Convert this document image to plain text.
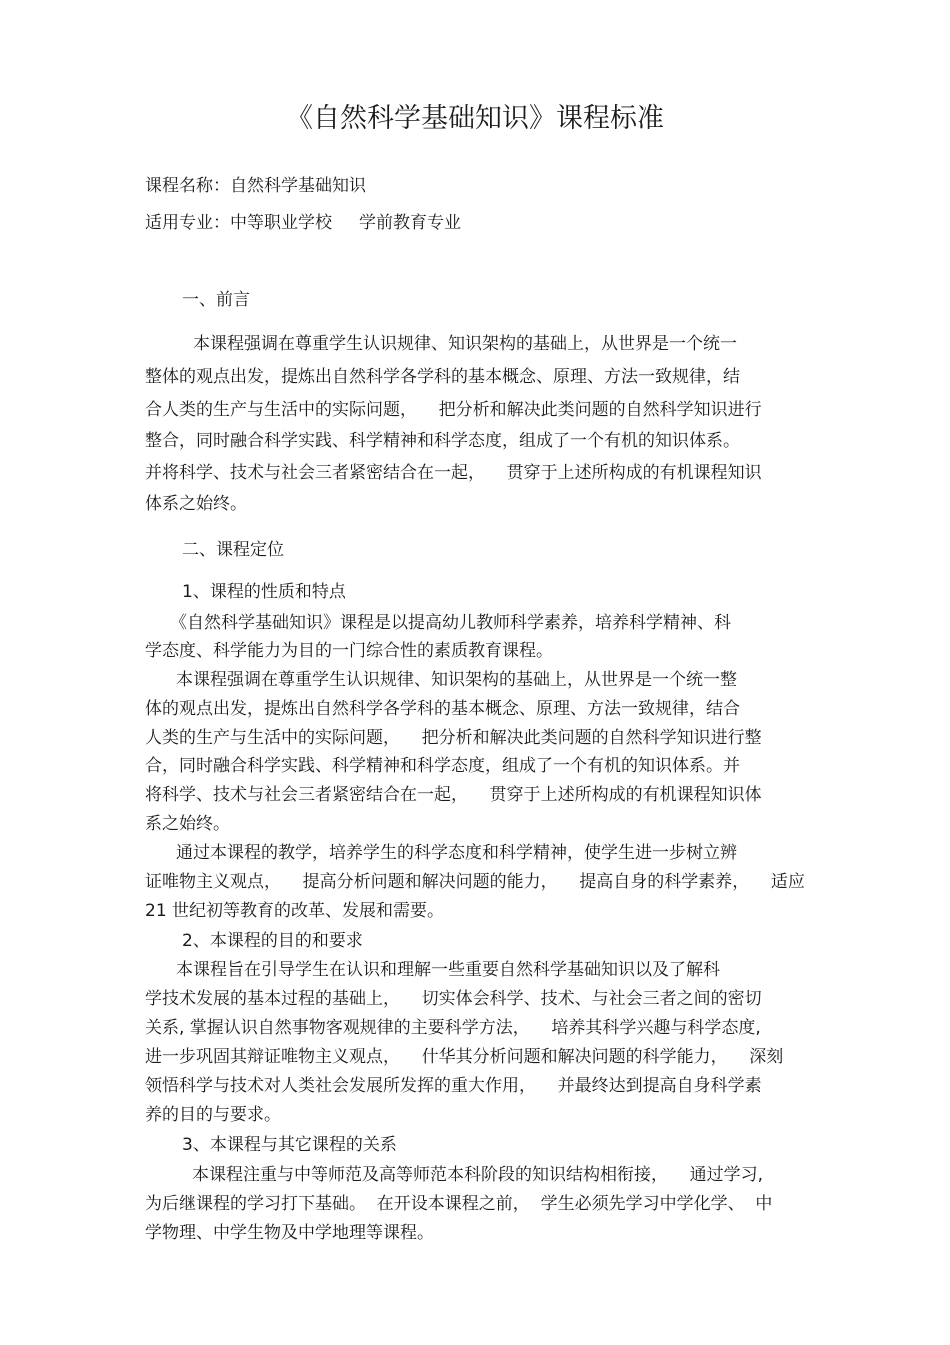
《自然科学基础知识》课程标准
课程名称：自然科学基础知识
适用专业：中等职业学校     学前教育专业
一、前言
本课程强调在尊重学生认识规律、知识架构的基础上，从世界是一个统一
整体的观点出发，提炼出自然科学各学科的基本概念、原理、方法一致规律，结
合人类的生产与生活中的实际问题，    把分析和解决此类问题的自然科学知识进行
整合，同时融合科学实践、科学精神和科学态度，组成了一个有机的知识体系。
并将科学、技术与社会三者紧密结合在一起，    贯穿于上述所构成的有机课程知识
体系之始终。
二、课程定位
1、课程的性质和特点
《自然科学基础知识》课程是以提高幼儿教师科学素养，培养科学精神、科
学态度、科学能力为目的一门综合性的素质教育课程。
本课程强调在尊重学生认识规律、知识架构的基础上，从世界是一个统一整
体的观点出发，提炼出自然科学各学科的基本概念、原理、方法一致规律，结合
人类的生产与生活中的实际问题，    把分析和解决此类问题的自然科学知识进行整
合，同时融合科学实践、科学精神和科学态度，组成了一个有机的知识体系。并
将科学、技术与社会三者紧密结合在一起，    贯穿于上述所构成的有机课程知识体
系之始终。
通过本课程的教学，培养学生的科学态度和科学精神，使学生进一步树立辨
证唯物主义观点，    提高分析问题和解决问题的能力，    提高自身的科学素养，    适应
21 世纪初等教育的改革、发展和需要。
2、本课程的目的和要求
本课程旨在引导学生在认识和理解一些重要自然科学基础知识以及了解科
学技术发展的基本过程的基础上，    切实体会科学、技术、与社会三者之间的密切
关系, 掌握认识自然事物客观规律的主要科学方法，    培养其科学兴趣与科学态度,
进一步巩固其辩证唯物主义观点，    什华其分析问题和解决问题的科学能力，    深刻
领悟科学与技术对人类社会发展所发挥的重大作用，    并最终达到提高自身科学素
养的目的与要求。
3、本课程与其它课程的关系
本课程注重与中等师范及高等师范本科阶段的知识结构相衔接，    通过学习,
为后继课程的学习打下基础。  在开设本课程之前，  学生必须先学习中学化学、  中
学物理、中学生物及中学地理等课程。
